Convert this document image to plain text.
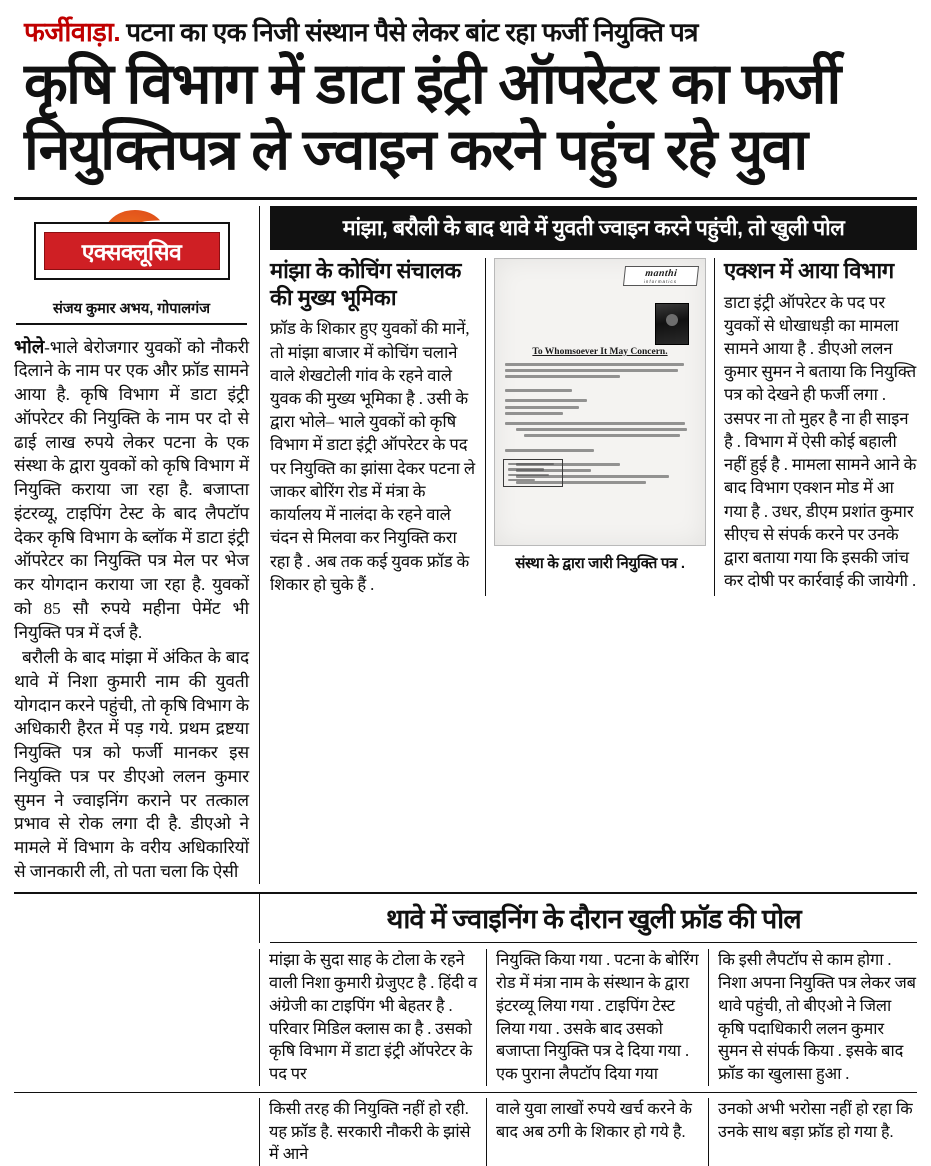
फर्जीवाड़ा. पटना का एक निजी संस्थान पैसे लेकर बांट रहा फर्जी नियुक्ति पत्र
कृषि विभाग में डाटा इंट्री ऑपरेटर का फर्जी
नियुक्तिपत्र ले ज्वाइन करने पहुंच रहे युवा
एक्सक्लूसिव
संजय कुमार अभय, गोपालगंज

भोले-भाले बेरोजगार युवकों को नौकरी दिलाने के नाम पर एक और फ्रॉड सामने आया है. कृषि विभाग में डाटा इंट्री ऑपरेटर की नियुक्ति के नाम पर दो से ढाई लाख रुपये लेकर पटना के एक संस्था के द्वारा युवकों को कृषि विभाग में नियुक्ति कराया जा रहा है. बजाप्ता इंटरव्यू, टाइपिंग टेस्ट के बाद लैपटॉप देकर कृषि विभाग के ब्लॉक में डाटा इंट्री ऑपरेटर का नियुक्ति पत्र मेल पर भेज कर योगदान कराया जा रहा है. युवकों को 85 सौ रुपये महीना पेमेंट भी नियुक्ति पत्र में दर्ज है.

बरौली के बाद मांझा में अंकित के बाद थावे में निशा कुमारी नाम की युवती योगदान करने पहुंची, तो कृषि विभाग के अधिकारी हैरत में पड़ गये. प्रथम द्रष्टया नियुक्ति पत्र को फर्जी मानकर इस नियुक्ति पत्र पर डीएओ ललन कुमार सुमन ने ज्वाइनिंग कराने पर तत्काल प्रभाव से रोक लगा दी है. डीएओ ने मामले में विभाग के वरीय अधिकारियों से जानकारी ली, तो पता चला कि ऐसी

मांझा, बरौली के बाद थावे में युवती ज्वाइन करने पहुंची, तो खुली पोल
मांझा के कोचिंग संचालक
की मुख्य भूमिका
फ्रॉड के शिकार हुए युवकों की मानें, तो मांझा बाजार में कोचिंग चलाने वाले शेखटोली गांव के रहने वाले युवक की मुख्य भूमिका है . उसी के द्वारा भोले– भाले युवकों को कृषि विभाग में डाटा इंट्री ऑपरेटर के पद पर नियुक्ति का झांसा देकर पटना ले जाकर बोरिंग रोड में मंत्रा के कार्यालय में नालंदा के रहने वाले चंदन से मिलवा कर नियुक्ति करा रहा है . अब तक कई युवक फ्रॉड के शिकार हो चुके हैं .
manthi
informatics
To Whomsoever It May Concern.
संस्था के द्वारा जारी नियुक्ति पत्र .
एक्शन में आया विभाग
डाटा इंट्री ऑपरेटर के पद पर युवकों से धोखाधड़ी का मामला सामने आया है . डीएओ ललन कुमार सुमन ने बताया कि नियुक्ति पत्र को देखने ही फर्जी लगा . उसपर ना तो मुहर है ना ही साइन है . विभाग में ऐसी कोई बहाली नहीं हुई है . मामला सामने आने के बाद विभाग एक्शन मोड में आ गया है . उधर, डीएम प्रशांत कुमार सीएच से संपर्क करने पर उनके द्वारा बताया गया कि इसकी जांच कर दोषी पर कार्रवाई की जायेगी .
थावे में ज्वाइनिंग के दौरान खुली फ्रॉड की पोल
मांझा के सुदा साह के टोला के रहने वाली निशा कुमारी ग्रेजुएट है . हिंदी व अंग्रेजी का टाइपिंग भी बेहतर है . परिवार मिडिल क्लास का है . उसको कृषि विभाग में डाटा इंट्री ऑपरेटर के पद पर
नियुक्ति किया गया . पटना के बोरिंग रोड में मंत्रा नाम के संस्थान के द्वारा इंटरव्यू लिया गया . टाइपिंग टेस्ट लिया गया . उसके बाद उसको बजाप्ता नियुक्ति पत्र दे दिया गया . एक पुराना लैपटॉप दिया गया
कि इसी लैपटॉप से काम होगा . निशा अपना नियुक्ति पत्र लेकर जब थावे पहुंची, तो बीएओ ने जिला कृषि पदाधिकारी ललन कुमार सुमन से संपर्क किया . इसके बाद फ्रॉड का खुलासा हुआ .
किसी तरह की नियुक्ति नहीं हो रही. यह फ्रॉड है. सरकारी नौकरी के झांसे में आने
वाले युवा लाखों रुपये खर्च करने के बाद अब ठगी के शिकार हो गये है.
उनको अभी भरोसा नहीं हो रहा कि उनके साथ बड़ा फ्रॉड हो गया है.
